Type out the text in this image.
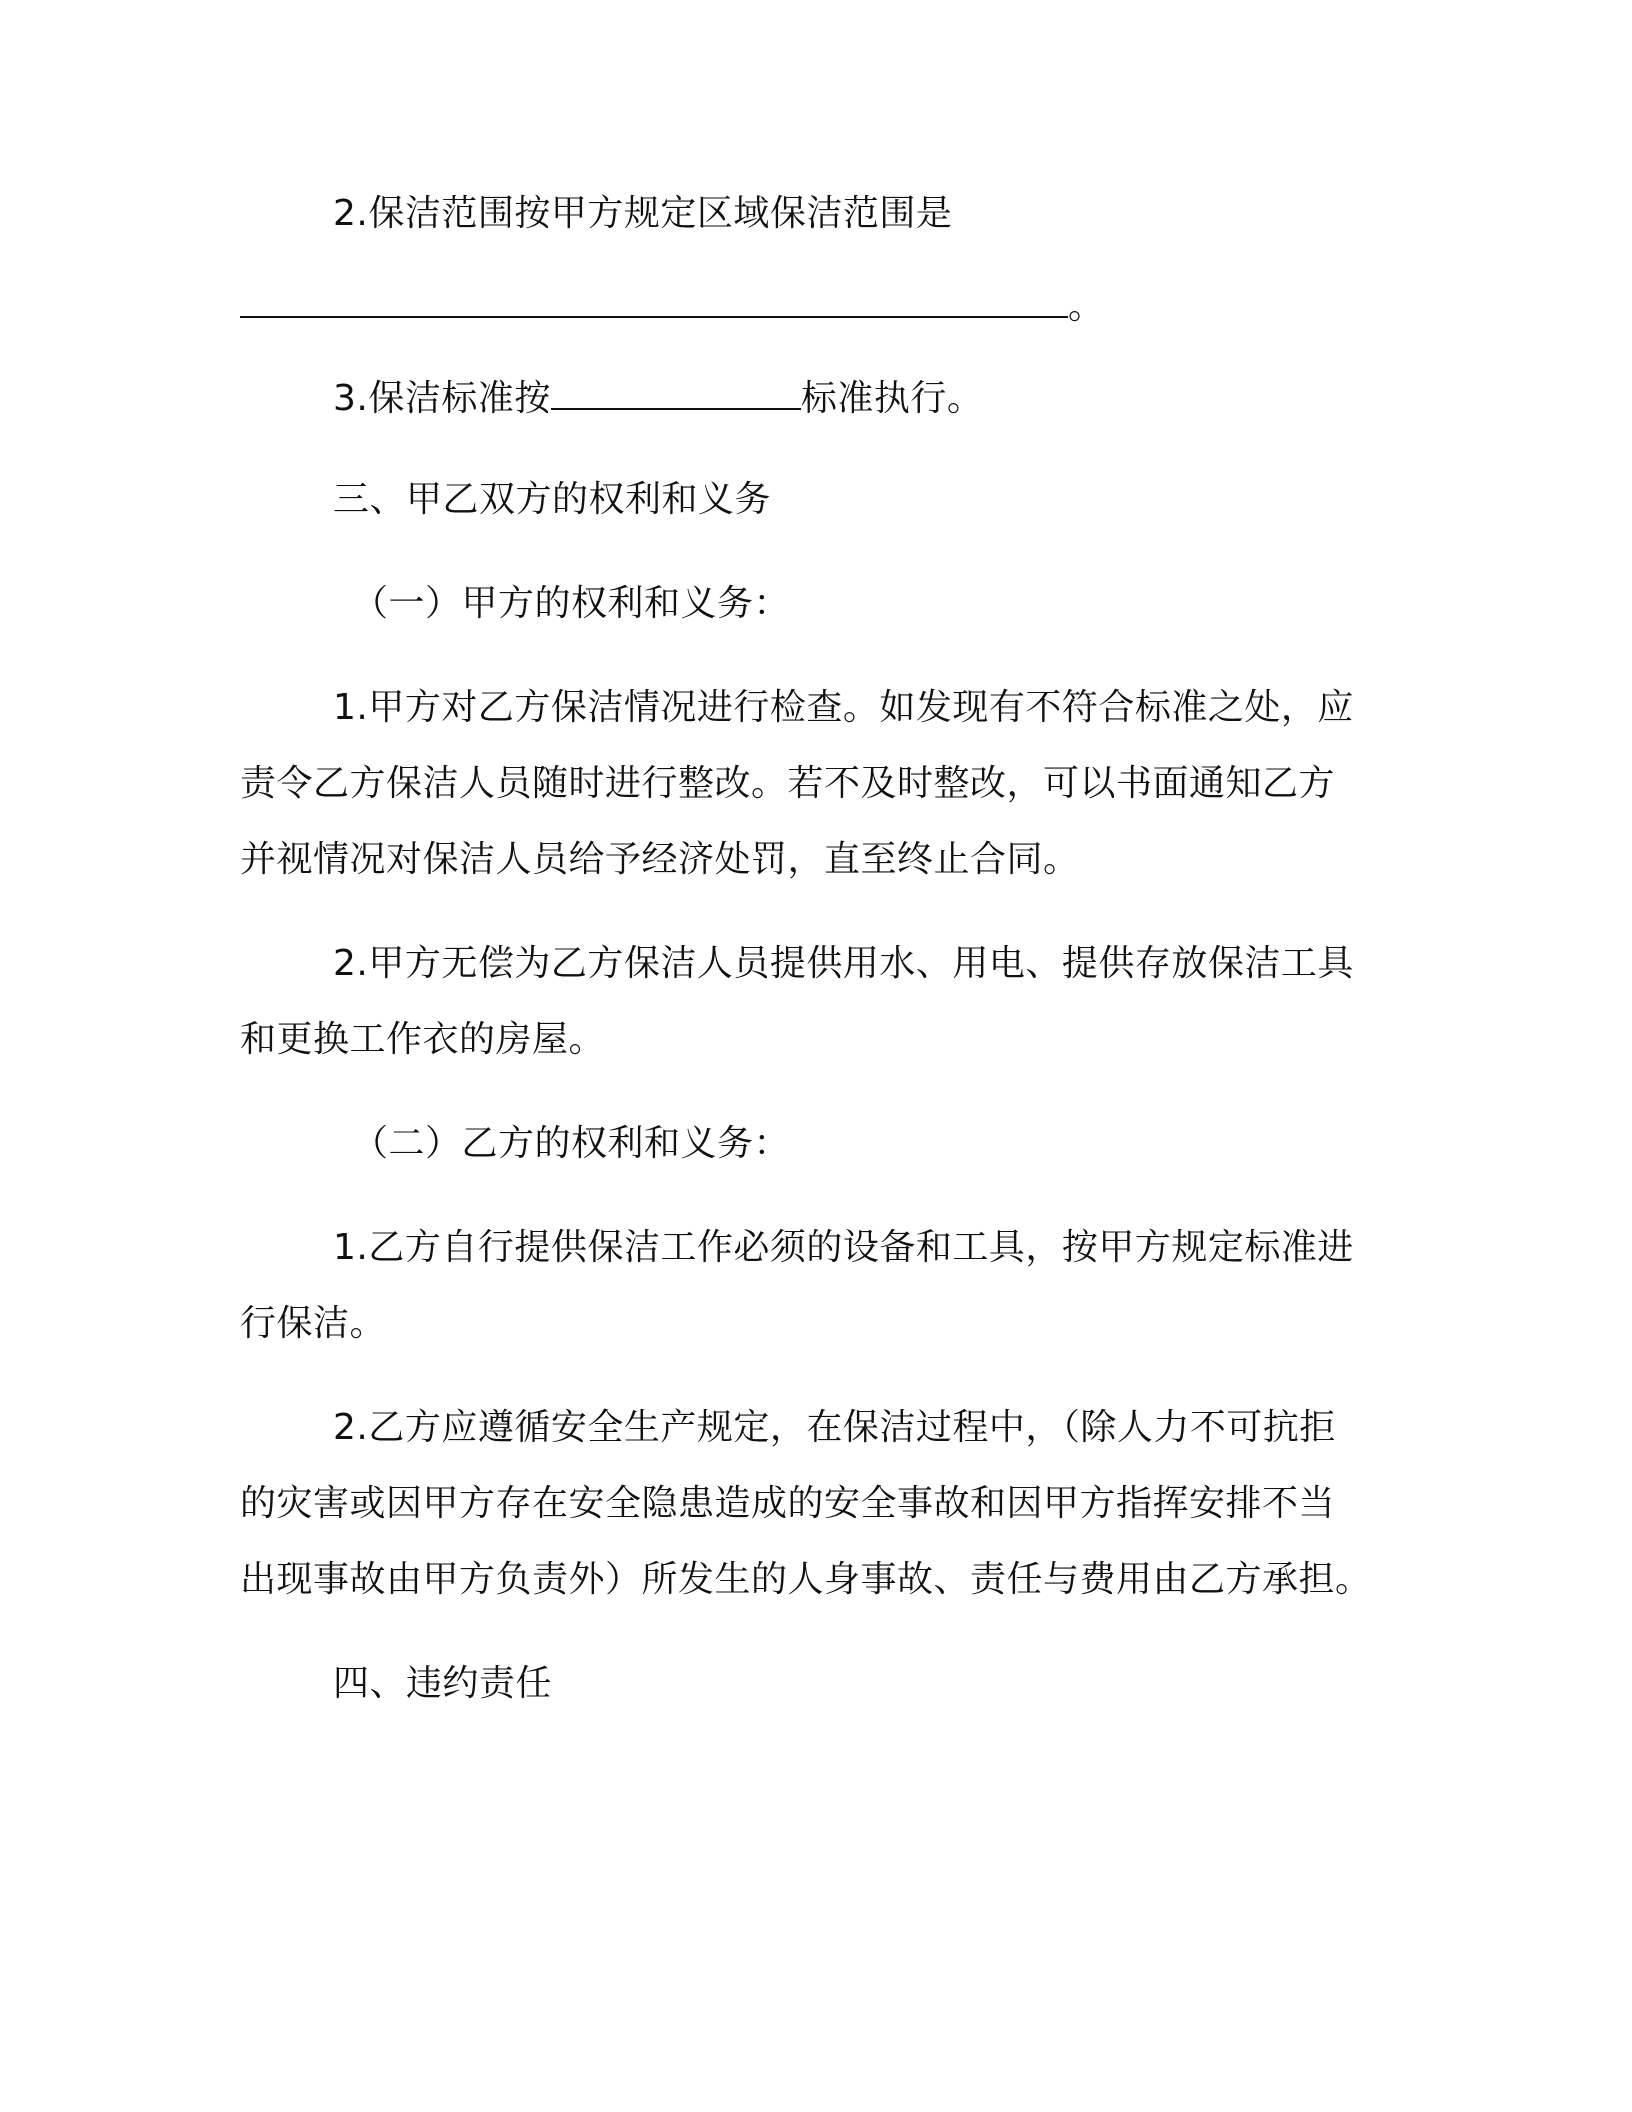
2.保洁范围按甲方规定区域保洁范围是
。
3.保洁标准按	标准执行。
三、甲乙双方的权利和义务
（一）甲方的权利和义务：
1.甲方对乙方保洁情况进行检查。如发现有不符合标准之处，应
责令乙方保洁人员随时进行整改。若不及时整改，可以书面通知乙方
并视情况对保洁人员给予经济处罚，直至终止合同。
2.甲方无偿为乙方保洁人员提供用水、用电、提供存放保洁工具
和更换工作衣的房屋。
（二）乙方的权利和义务：
1.乙方自行提供保洁工作必须的设备和工具，按甲方规定标准进
行保洁。
2.乙方应遵循安全生产规定，在保洁过程中，（除人力不可抗拒
的灾害或因甲方存在安全隐患造成的安全事故和因甲方指挥安排不当
出现事故由甲方负责外）所发生的人身事故、责任与费用由乙方承担。
四、违约责任
